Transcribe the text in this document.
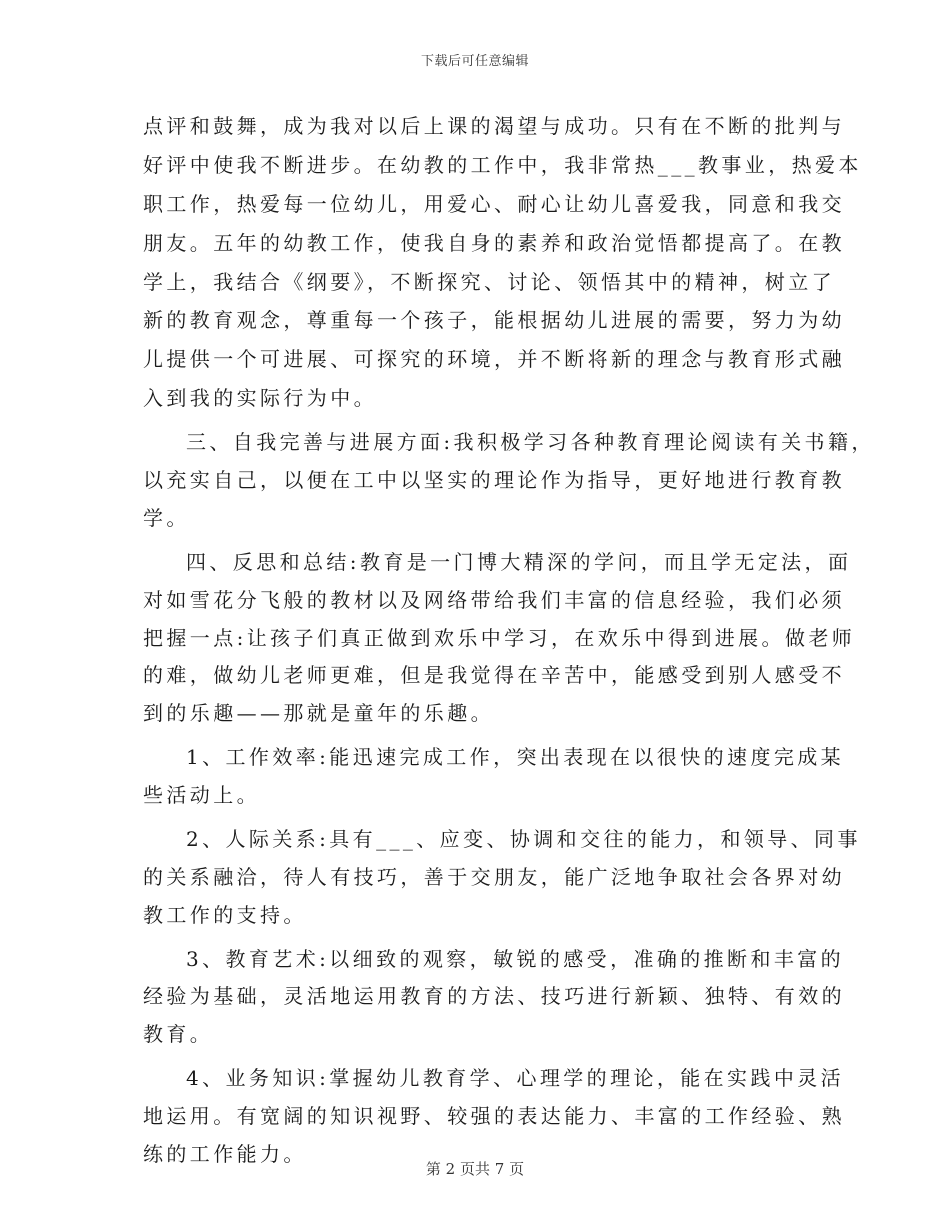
下载后可任意编辑
点评和鼓舞，成为我对以后上课的渴望与成功。只有在不断的批判与
好评中使我不断进步。在幼教的工作中，我非常热___教事业，热爱本
职工作，热爱每一位幼儿，用爱心、耐心让幼儿喜爱我，同意和我交
朋友。五年的幼教工作，使我自身的素养和政治觉悟都提高了。在教
学上，我结合《纲要》，不断探究、讨论、领悟其中的精神，树立了
新的教育观念，尊重每一个孩子，能根据幼儿进展的需要，努力为幼
儿提供一个可进展、可探究的环境，并不断将新的理念与教育形式融
入到我的实际行为中。
三、自我完善与进展方面:我积极学习各种教育理论阅读有关书籍，
以充实自己，以便在工中以坚实的理论作为指导，更好地进行教育教
学。
四、反思和总结:教育是一门博大精深的学问，而且学无定法，面
对如雪花分飞般的教材以及网络带给我们丰富的信息经验，我们必须
把握一点:让孩子们真正做到欢乐中学习，在欢乐中得到进展。做老师
的难，做幼儿老师更难，但是我觉得在辛苦中，能感受到别人感受不
到的乐趣——那就是童年的乐趣。
1、工作效率:能迅速完成工作，突出表现在以很快的速度完成某
些活动上。
2、人际关系:具有___、应变、协调和交往的能力，和领导、同事
的关系融洽，待人有技巧，善于交朋友，能广泛地争取社会各界对幼
教工作的支持。
3、教育艺术:以细致的观察，敏锐的感受，准确的推断和丰富的
经验为基础，灵活地运用教育的方法、技巧进行新颖、独特、有效的
教育。
4、业务知识:掌握幼儿教育学、心理学的理论，能在实践中灵活
地运用。有宽阔的知识视野、较强的表达能力、丰富的工作经验、熟
练的工作能力。
第 2 页共 7 页
